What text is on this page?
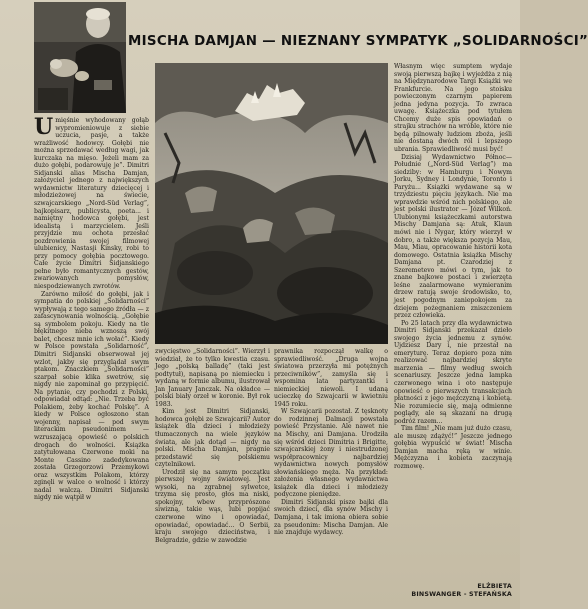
MISCHA DAMJAN — NIEZNANY SYMPATYK „SOLIDARNOŚCI”

Umięśnie wyhodowany gołąb wypromieniowuje z siebie uczucia, pasje, a także wrażliwość hodowcy. Gołębi nie można sprzedawać według wagi, jak kurczaka na mięso. Jeżeli mam za dużo gołębi, podarowuję je”. Dimitri Sidjanski alias Mischa Damjan, założyciel jednego z największych wydawnictw literatury dziecięcej i młodzieżowej na świecie, szwajcarskiego „Nord-Süd Verlag”, bajkopisarz, publicysta, poeta... i namiętny hodowca gołębi, jest idealistą i marzycielem. Jeśli przyjdzie mu ochota przesłać pozdrowienia swojej filmowej ulubienicy, Nastasji Kinsky, robi to przy pomocy gołębia pocztowego. Całe życie Dimitri Sidjanskiego pełne było romantycznych gestów, zwariowanych pomysłów, niespodziewanych zwrotów.

Zarówno miłość do gołębi, jak i sympatia do polskiej „Solidarności” wypływają z tego samego źródła — z zafascynowania wolnością. „Gołębie są symbolem pokoju. Kiedy na tle błękitnego nieba wznoszą swój balet, chcesz mnie ich wołać”. Kiedy w Polsce powstała „Solidarność”, Dimitri Sidjanski obserwował jej wzlot, jakby się przyglądał swym ptakom. Znaczkiem „Solidarności” szarpał sobie klika swetrów, się nigdy nie zapominał go przypięcić. Na pytanie, czy pochodzi z Polski, odpowiadał odtąd: „Nie. Trzeba być Polakiem, żeby kochać Polskę”. A kiedy w Polsce ogłoszono stan wojenny, napisał — pod swym literackim pseudonimem — wzruszającą opowieść o polskich drogach do wolności. Książka zatytułowana Czerwone moki na Monte Cassino zadedykowana została Grzegorzowi Przemykowi oraz wszystkim Polakom, którzy zginęli w walce o wolność i którzy nadal walczą. Dimitri Sidjanski nigdy nie wątpił w

zwycięstwo „Solidarności”. Wierzył i wiedział, że to tylko kwestia czasu. Jego „polską balladę” (taki jest podtytuł), napisaną po niemiecku i wydaną w formie albumu, ilustrował Jan January Janczak. Na okładce — polski biały orzeł w koronie. Był rok 1983.

Kim jest Dimitri Sidjanski, hodowca gołębi ze Szwajcarii? Autor książek dla dzieci i młodzieży tłumaczonych na wiele języków świata, ale jak dotąd — nigdy na polski. Mischa Damjan, pragnie przedstawić się polskiemu czytelnikowi.

Urodził się na samym początku pierwszej wojny światowej. Jest wysoki, na zgrabnej sylwetce, trzyma się prosto, głos ma niski, spokojny, wbew przyprószone siwizną, takie wąs, lubi popijać czerwone wino i opowiadać, opowiadać, opowiadać... O Serbii, kraju swojego dzieciństwa, i Belgradzie, gdzie w zawodzie

prawnika rozpoczął walkę o sprawiedliwość. „Druga wojna światowa przerzyła mi potężnych przeciwników”, zamyśla się i wspomina lata partyzantki i niemieckiej niewoli. I udaną ucieczkę do Szwajcarii w kwietniu 1945 roku.

W Szwajcarii pozostał. Z tęsknoty do rodzinnej Dalmacji powstała powieść Przystanie. Ale nawet nie na Mischy, ani Damjana. Urodziła się wśród dzieci Dimitria i Brigitte, szwajcarskiej żony i niestrudzonej współpracownicy najbardziej wydawnictwa nowych pomysłów słowiańskiego męża. Na przykład: założenia własnego wydawnictwa książek dla dzieci i młodzieży podyczone pieniędze.

Dimitri Sidjanski pisze bajki dla swoich dzieci, dla synów Mischy i Damjana, i tak imiona obiera sobie za pseudonim: Mischa Damjan. Ale nie znajduje wydawcy.

Własnym więc sumptem wydaje swoją pierwszą bajkę i wyjeżdża z nią na Międzynarodowe Targi Książki we Frankfurcie. Na jego stoisku powieczonym czarnym papierem jedna jedyna pozycja. To zwraca uwagę. Książeczka pod tytułem Chcemy duże spis opowiadań o strajku strachów na wróble, które nie będą pilnowały ludziom zboża, jeśli nie dostaną dwóch ról i lepszego ubrania. Sprawiedliwość musi być!

Dzisiaj Wydawnictwo Północ—Południe („Nord-Süd Verlag”) ma siedziby: w Hamburgu i Nowym Jorku, Sydney i Londynie, Toronto i Paryżu... Książki wydawane są w trzydziestu pięciu językach. Nie ma wprawdzie wśród nich polskiego, ale jest polski ilustrator — Józef Wilkoń. Ulubionymi książeczkami autorstwa Mischy Damjana są: Atuk, Klaun mówi nie i Nygar, który wierzył w dobro, a także większa pozycja Mau, Mau, Miau, opracowanie historii kota domowego. Ostatnia książka Mischy Damjana pt. Czarodziej z Szeremetevo mówi o tym, jak to znane bajkowe postaci i zwierzęta leśne zaalarmowane wymieranim drzew ratują swoje środowisko, to, jest pogodnym zaniepokojem za dziejem pożegnaniem zniszczeniem przez człowieka.

Po 25 latach przy dla wydawnictwa Dimitri Sidjanski przekazał dzieło swojego życia jednemu z synów. Ujdziesz Dary i, nie przestał na emeryturę. Teraz dopiero poza nim realizować najbardziej skryte marzenia — filmy według swoich scenariuszy. Jeszcze jedna lampka czerwonego wina i oto następuje opowieść o pierwszych transakcjach płatności z jego mężczyzną i kobietą. Nie rozumiecie się, mają odmienne poglądy, ale są skazani na drugą podróż razem...

Tim film! „Nie mam już dużo czasu, ale muszę zdążyć!” Jeszcze jednego gołębia wypuścić w świat! Mischa Damjan macha ręką w winie. Mężczyzna i kobieta zaczynają rozmowę.

ELŻBIETA
BINSWANGER - STEFAŃSKA
